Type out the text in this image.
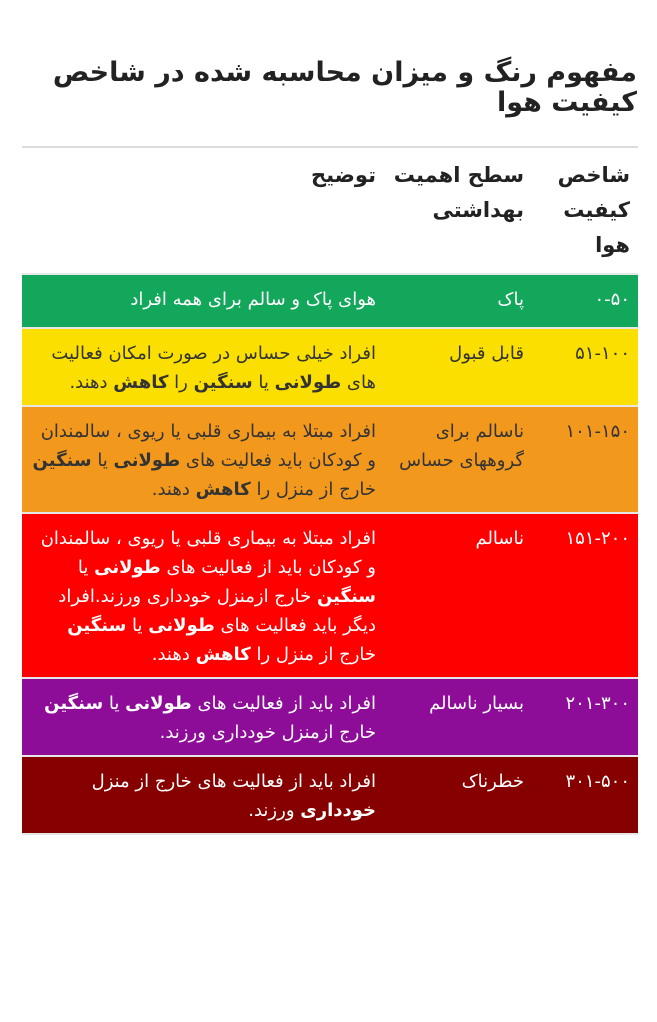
مفهوم رنگ و میزان محاسبه شده در شاخص کیفیت هوا
شاخص کیفیت هوا	سطح اهمیت بهداشتی	توضیح
۰-۵۰	پاک	هوای پاک و سالم برای همه افراد
۵۱-۱۰۰	قابل قبول	افراد خیلی حساس در صورت امکان فعالیت های طولانی یا سنگین را کاهش دهند.
۱۰۱-۱۵۰	ناسالم برای گروههای حساس	افراد مبتلا به بیماری قلبی یا ریوی ، سالمندان و کودکان باید فعالیت های طولانی یا سنگین خارج از منزل را کاهش دهند.
۱۵۱-۲۰۰	ناسالم	افراد مبتلا به بیماری قلبی یا ریوی ، سالمندان و کودکان باید از فعالیت های طولانی یا سنگین خارج ازمنزل خودداری ورزند.افراد دیگر باید فعالیت های طولانی یا سنگین خارج از منزل را کاهش دهند.
۲۰۱-۳۰۰	بسیار ناسالم	افراد باید از فعالیت های طولانی یا سنگین خارج ازمنزل خودداری ورزند.
۳۰۱-۵۰۰	خطرناک	افراد باید از فعالیت های خارج از منزل خودداری ورزند.
